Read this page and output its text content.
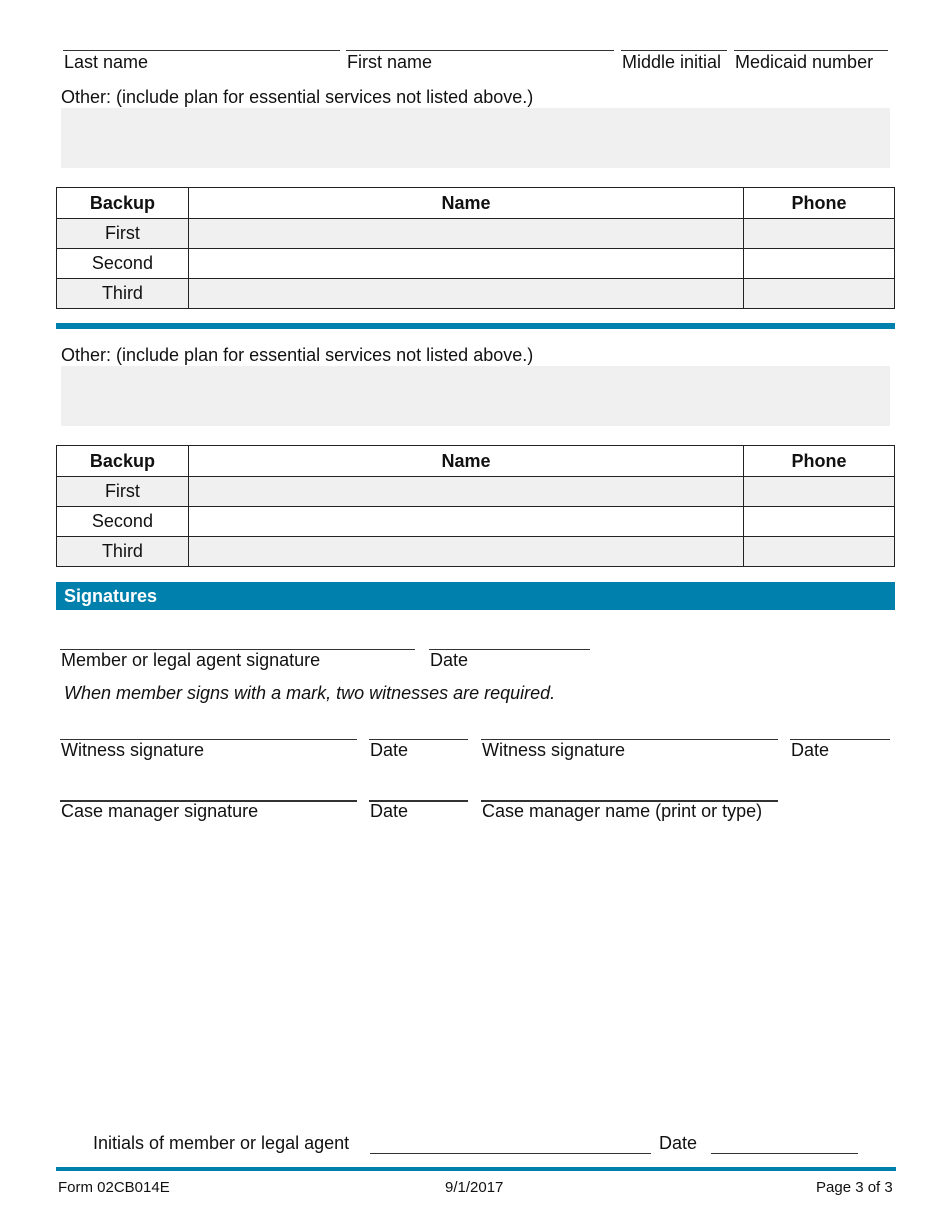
Last name	First name	Middle initial Medicaid number
Other: (include plan for essential services not listed above.)
Backup	Name	Phone
First		
Second		
Third		
Other: (include plan for essential services not listed above.)
Backup	Name	Phone
First		
Second		
Third		
Signatures
Member or legal agent signature	Date
When member signs with a mark, two witnesses are required.
Witness signature	Date	Witness signature	Date
Case manager signature	Date	Case manager name (print or type)
Initials of member or legal agent	Date
Form 02CB014E	9/1/2017	Page 3 of 3
